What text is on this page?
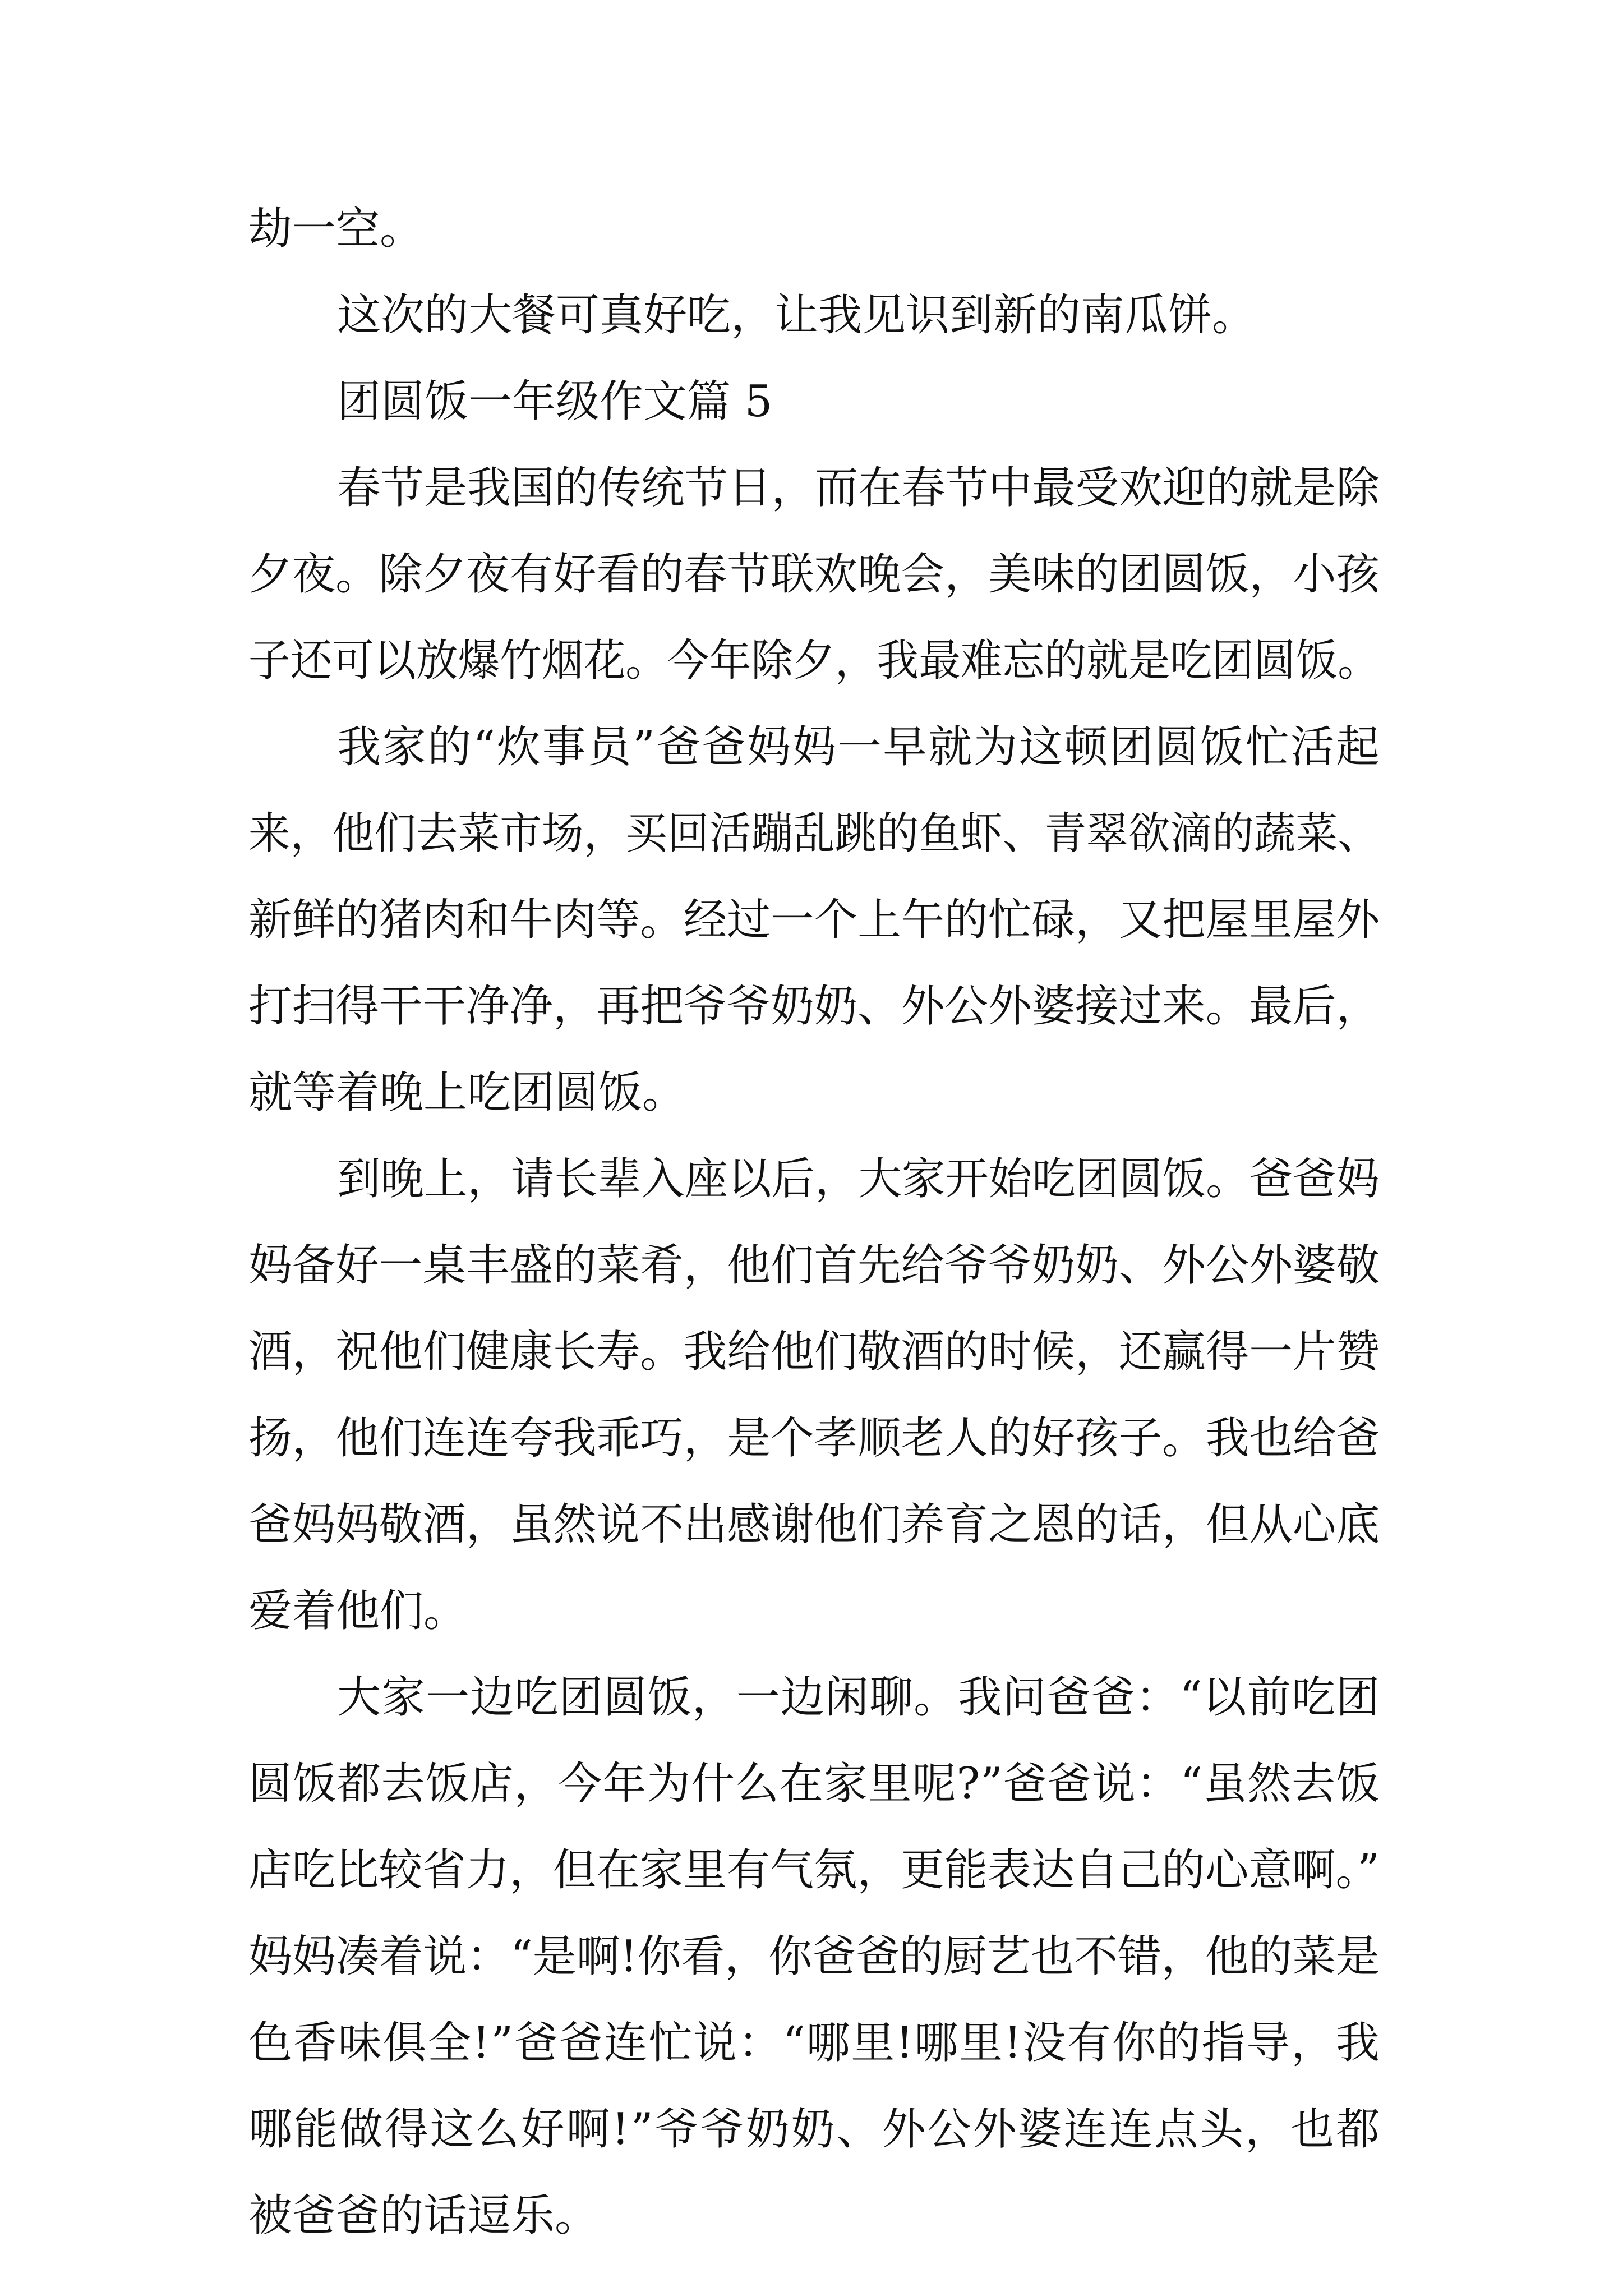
劫一空。
这次的大餐可真好吃，让我见识到新的南瓜饼。
团圆饭一年级作文篇 5
春节是我国的传统节日，而在春节中最受欢迎的就是除
夕夜。除夕夜有好看的春节联欢晚会，美味的团圆饭，小孩
子还可以放爆竹烟花。今年除夕，我最难忘的就是吃团圆饭。
我家的“炊事员”爸爸妈妈一早就为这顿团圆饭忙活起
来，他们去菜市场，买回活蹦乱跳的鱼虾、青翠欲滴的蔬菜、
新鲜的猪肉和牛肉等。经过一个上午的忙碌，又把屋里屋外
打扫得干干净净，再把爷爷奶奶、外公外婆接过来。最后，
就等着晚上吃团圆饭。
到晚上，请长辈入座以后，大家开始吃团圆饭。爸爸妈
妈备好一桌丰盛的菜肴，他们首先给爷爷奶奶、外公外婆敬
酒，祝他们健康长寿。我给他们敬酒的时候，还赢得一片赞
扬，他们连连夸我乖巧，是个孝顺老人的好孩子。我也给爸
爸妈妈敬酒，虽然说不出感谢他们养育之恩的话，但从心底
爱着他们。
大家一边吃团圆饭，一边闲聊。我问爸爸：“以前吃团
圆饭都去饭店，今年为什么在家里呢?”爸爸说：“虽然去饭
店吃比较省力，但在家里有气氛，更能表达自己的心意啊。”
妈妈凑着说：“是啊!你看，你爸爸的厨艺也不错，他的菜是
色香味俱全!”爸爸连忙说：“哪里!哪里!没有你的指导，我
哪能做得这么好啊!”爷爷奶奶、外公外婆连连点头，也都
被爸爸的话逗乐。
